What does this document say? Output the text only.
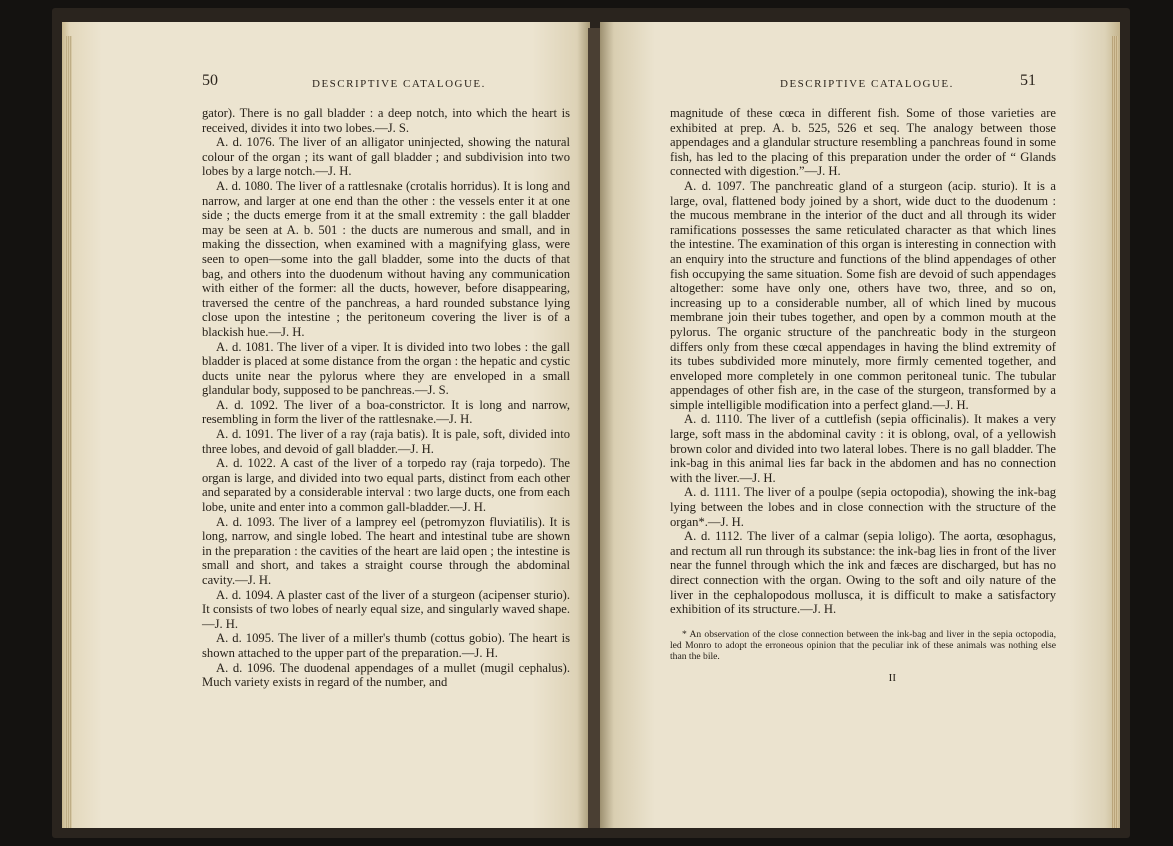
50	DESCRIPTIVE CATALOGUE.

gator). There is no gall bladder : a deep notch, into which the heart is received, divides it into two lobes.—J. S.

A. d. 1076. The liver of an alligator uninjected, showing the natural colour of the organ ; its want of gall bladder ; and subdivision into two lobes by a large notch.—J. H.

A. d. 1080. The liver of a rattlesnake (crotalis horridus). It is long and narrow, and larger at one end than the other : the vessels enter it at one side ; the ducts emerge from it at the small extremity : the gall bladder may be seen at A. b. 501 : the ducts are numerous and small, and in making the dissection, when examined with a magnifying glass, were seen to open—some into the gall bladder, some into the ducts of that bag, and others into the duodenum without having any communication with either of the former: all the ducts, however, before disappearing, traversed the centre of the panchreas, a hard rounded substance lying close upon the intestine ; the peritoneum covering the liver is of a blackish hue.—J. H.

A. d. 1081. The liver of a viper. It is divided into two lobes : the gall bladder is placed at some distance from the organ : the hepatic and cystic ducts unite near the pylorus where they are enveloped in a small glandular body, supposed to be panchreas.—J. S.

A. d. 1092. The liver of a boa-constrictor. It is long and narrow, resembling in form the liver of the rattlesnake.—J. H.

A. d. 1091. The liver of a ray (raja batis). It is pale, soft, divided into three lobes, and devoid of gall bladder.—J. H.

A. d. 1022. A cast of the liver of a torpedo ray (raja torpedo). The organ is large, and divided into two equal parts, distinct from each other and separated by a considerable interval : two large ducts, one from each lobe, unite and enter into a common gall-bladder.—J. H.

A. d. 1093. The liver of a lamprey eel (petromyzon fluviatilis). It is long, narrow, and single lobed. The heart and intestinal tube are shown in the preparation : the cavities of the heart are laid open ; the intestine is small and short, and takes a straight course through the abdominal cavity.—J. H.

A. d. 1094. A plaster cast of the liver of a sturgeon (acipenser sturio). It consists of two lobes of nearly equal size, and singularly waved shape.—J. H.

A. d. 1095. The liver of a miller's thumb (cottus gobio). The heart is shown attached to the upper part of the preparation.—J. H.

A. d. 1096. The duodenal appendages of a mullet (mugil cephalus). Much variety exists in regard of the number, and

DESCRIPTIVE CATALOGUE.	51

magnitude of these cœca in different fish. Some of those varieties are exhibited at prep. A. b. 525, 526 et seq. The analogy between those appendages and a glandular structure resembling a panchreas found in some fish, has led to the placing of this preparation under the order of “ Glands connected with digestion.”—J. H.

A. d. 1097. The panchreatic gland of a sturgeon (acip. sturio). It is a large, oval, flattened body joined by a short, wide duct to the duodenum : the mucous membrane in the interior of the duct and all through its wider ramifications possesses the same reticulated character as that which lines the intestine. The examination of this organ is interesting in connection with an enquiry into the structure and functions of the blind appendages of other fish occupying the same situation. Some fish are devoid of such appendages altogether: some have only one, others have two, three, and so on, increasing up to a considerable number, all of which lined by mucous membrane join their tubes together, and open by a common mouth at the pylorus. The organic structure of the panchreatic body in the sturgeon differs only from these cœcal appendages in having the blind extremity of its tubes subdivided more minutely, more firmly cemented together, and enveloped more completely in one common peritoneal tunic. The tubular appendages of other fish are, in the case of the sturgeon, transformed by a simple intelligible modification into a perfect gland.—J. H.

A. d. 1110. The liver of a cuttlefish (sepia officinalis). It makes a very large, soft mass in the abdominal cavity : it is oblong, oval, of a yellowish brown color and divided into two lateral lobes. There is no gall bladder. The ink-bag in this animal lies far back in the abdomen and has no connection with the liver.—J. H.

A. d. 1111. The liver of a poulpe (sepia octopodia), showing the ink-bag lying between the lobes and in close connection with the structure of the organ*.—J. H.

A. d. 1112. The liver of a calmar (sepia loligo). The aorta, œsophagus, and rectum all run through its substance: the ink-bag lies in front of the liver near the funnel through which the ink and fæces are discharged, but has no direct connection with the organ. Owing to the soft and oily nature of the liver in the cephalopodous mollusca, it is difficult to make a satisfactory exhibition of its structure.—J. H.

* An observation of the close connection between the ink-bag and liver in the sepia octopodia, led Monro to adopt the erroneous opinion that the peculiar ink of these animals was nothing else than the bile.

II
